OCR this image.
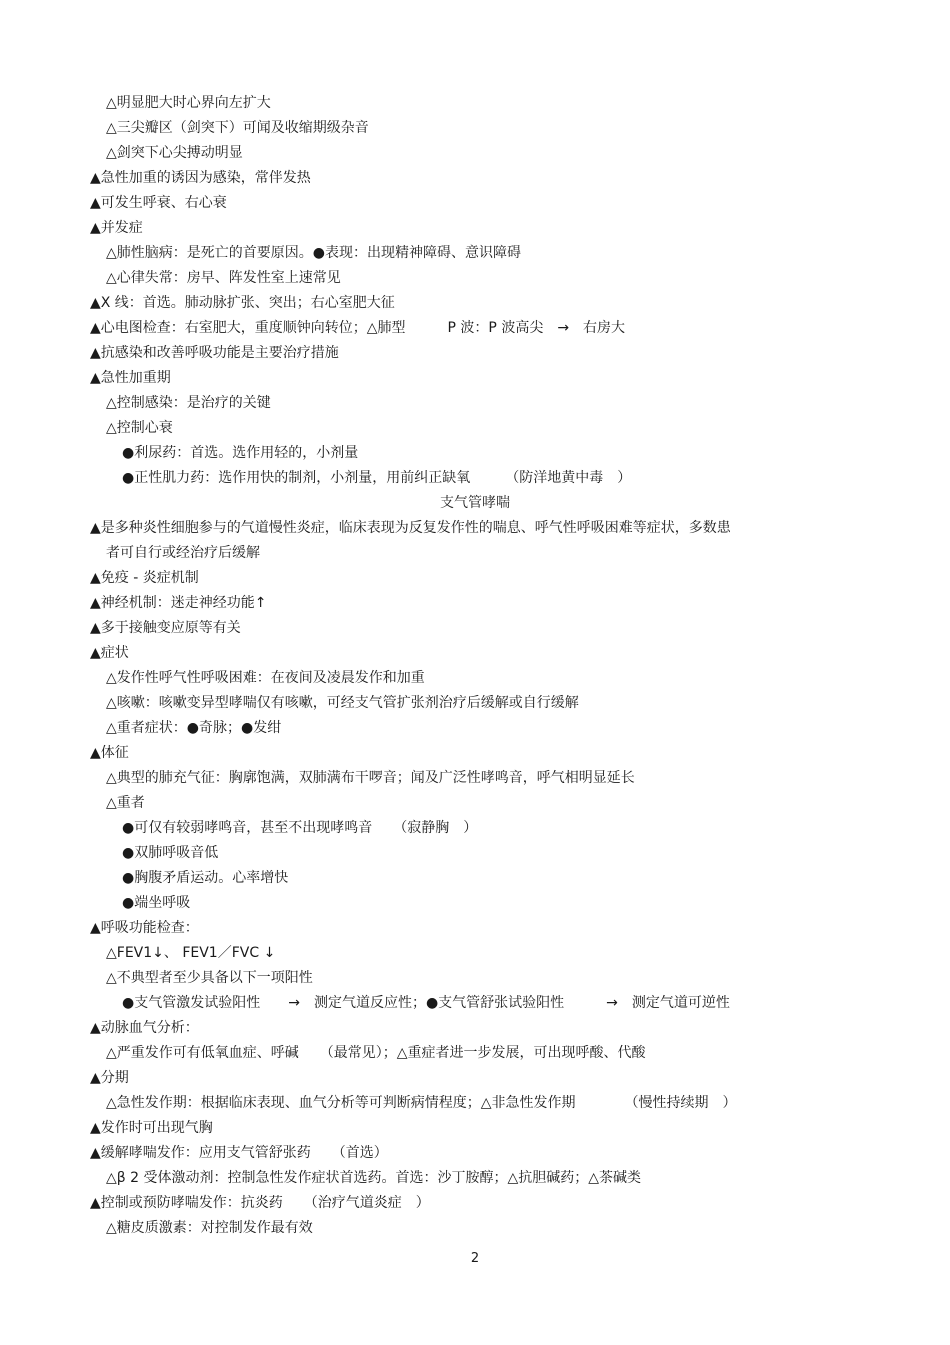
△明显肥大时心界向左扩大
△三尖瓣区（剑突下）可闻及收缩期级杂音
△剑突下心尖搏动明显
▲急性加重的诱因为感染，常伴发热
▲可发生呼衰、右心衰
▲并发症
△肺性脑病：是死亡的首要原因。●表现：出现精神障碍、意识障碍
△心律失常：房早、阵发性室上速常见
▲X 线：首选。肺动脉扩张、突出；右心室肥大征
▲心电图检查：右室肥大，重度顺钟向转位；△肺型　　　P 波：P 波高尖　→　右房大
▲抗感染和改善呼吸功能是主要治疗措施
▲急性加重期
△控制感染：是治疗的关键
△控制心衰
●利尿药：首选。选作用轻的，小剂量
●正性肌力药：选作用快的制剂，小剂量，用前纠正缺氧　　　（防洋地黄中毒　）
支气管哮喘
▲是多种炎性细胞参与的气道慢性炎症，临床表现为反复发作性的喘息、呼气性呼吸困难等症状，多数患
者可自行或经治疗后缓解
▲免疫 - 炎症机制
▲神经机制：迷走神经功能↑
▲多于接触变应原等有关
▲症状
△发作性呼气性呼吸困难：在夜间及凌晨发作和加重
△咳嗽：咳嗽变异型哮喘仅有咳嗽，可经支气管扩张剂治疗后缓解或自行缓解
△重者症状：●奇脉；●发绀
▲体征
△典型的肺充气征：胸廓饱满，双肺满布干啰音；闻及广泛性哮鸣音，呼气相明显延长
△重者
●可仅有较弱哮鸣音，甚至不出现哮鸣音　　（寂静胸　）
●双肺呼吸音低
●胸腹矛盾运动。心率增快
●端坐呼吸
▲呼吸功能检查：
△FEV1↓、 FEV1／FVC ↓
△不典型者至少具备以下一项阳性
●支气管激发试验阳性　　→　测定气道反应性；●支气管舒张试验阳性　　　→　测定气道可逆性
▲动脉血气分析：
△严重发作可有低氧血症、呼碱　　（最常见）；△重症者进一步发展，可出现呼酸、代酸
▲分期
△急性发作期：根据临床表现、血气分析等可判断病情程度；△非急性发作期　　　　（慢性持续期　）
▲发作时可出现气胸
▲缓解哮喘发作：应用支气管舒张药　　（首选）
△β 2 受体激动剂：控制急性发作症状首选药。首选：沙丁胺醇；△抗胆碱药；△茶碱类
▲控制或预防哮喘发作：抗炎药　　（治疗气道炎症　）
△糖皮质激素：对控制发作最有效
2
